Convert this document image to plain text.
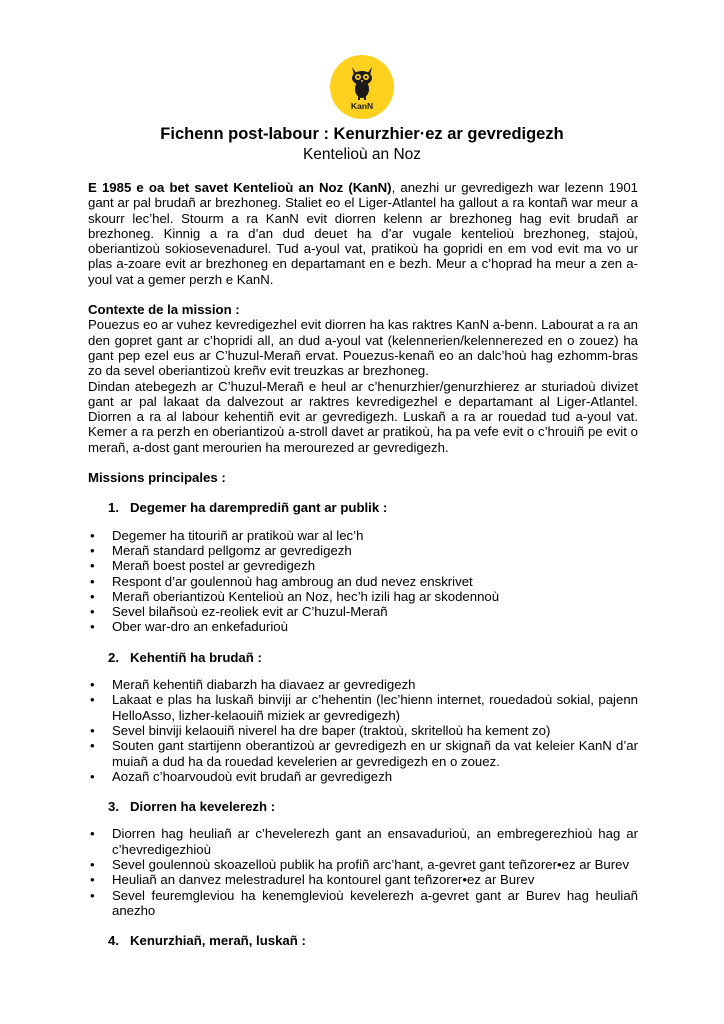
KanN
Fichenn post-labour : Kenurzhier·ez ar gevredigezh
Kentelioù an Noz

E 1985 e oa bet savet Kentelioù an Noz (KanN), anezhi ur gevredigezh war lezenn 1901 gant ar pal brudañ ar brezhoneg. Staliet eo el Liger-Atlantel ha gallout a ra kontañ war meur a skourr lec’hel. Stourm a ra KanN evit diorren kelenn ar brezhoneg hag evit brudañ ar brezhoneg. Kinnig a ra d’an dud deuet ha d’ar vugale kentelioù brezhoneg, stajoù, oberiantizoù sokiosevenadurel. Tud a-youl vat, pratikoù ha gopridi en em vod evit ma vo ur plas a-zoare evit ar brezhoneg en departamant en e bezh. Meur a c’hoprad ha meur a zen a-youl vat a gemer perzh e KanN.

Contexte de la mission :

Pouezus eo ar vuhez kevredigezhel evit diorren ha kas raktres KanN a-benn. Labourat a ra an den gopret gant ar c’hopridi all, an dud a-youl vat (kelennerien/kelennerezed en o zouez) ha gant pep ezel eus ar C’huzul-Merañ ervat. Pouezus-kenañ eo an dalc’hoù hag ezhomm-bras zo da sevel oberiantizoù kreñv evit treuzkas ar brezhoneg.

Dindan atebegezh ar C’huzul-Merañ e heul ar c’henurzhier/genurzhierez ar sturiadoù divizet gant ar pal lakaat da dalvezout ar raktres kevredigezhel e departamant al Liger-Atlantel. Diorren a ra al labour kehentiñ evit ar gevredigezh. Luskañ a ra ar rouedad tud a-youl vat. Kemer a ra perzh en oberiantizoù a-stroll davet ar pratikoù, ha pa vefe evit o c’hrouiñ pe evit o merañ, a-dost gant merourien ha merourezed ar gevredigezh.

Missions principales :

1. Degemer ha daremprediñ gant ar publik :
•	Degemer ha titouriñ ar pratikoù war al lec’h
•	Merañ standard pellgomz ar gevredigezh
•	Merañ boest postel ar gevredigezh
•	Respont d’ar goulennoù hag ambroug an dud nevez enskrivet
•	Merañ oberiantizoù Kentelioù an Noz, hec’h izili hag ar skodennoù
•	Sevel bilañsoù ez-reoliek evit ar C’huzul-Merañ
•	Ober war-dro an enkefadurioù
2. Kehentiñ ha brudañ :
•	Merañ kehentiñ diabarzh ha diavaez ar gevredigezh
•	Lakaat e plas ha luskañ binviji ar c’hehentin (lec’hienn internet, rouedadoù sokial, pajenn HelloAsso, lizher-kelaouiñ miziek ar gevredigezh)
•	Sevel binviji kelaouiñ niverel ha dre baper (traktoù, skritelloù ha kement zo)
•	Souten gant startijenn oberantizoù ar gevredigezh en ur skignañ da vat keleier KanN d’ar muiañ a dud ha da rouedad kevelerien ar gevredigezh en o zouez.
•	Aozañ c’hoarvoudoù evit brudañ ar gevredigezh
3. Diorren ha kevelerezh :
•	Diorren hag heuliañ ar c’hevelerezh gant an ensavadurioù, an embregerezhioù hag ar c’hevredigezhioù
•	Sevel goulennoù skoazelloù publik ha profiñ arc’hant, a-gevret gant teñzorer•ez ar Burev
•	Heuliañ an danvez melestradurel ha kontourel gant teñzorer•ez ar Burev
•	Sevel feuremgleviou ha kenemglevioù kevelerezh a-gevret gant ar Burev hag heuliañ anezho
4. Kenurzhiañ, merañ, luskañ :
